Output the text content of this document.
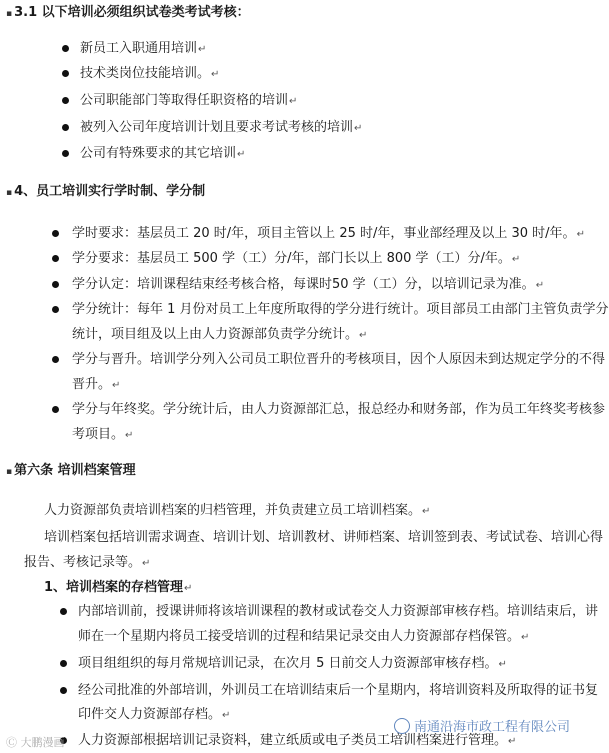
▪ 3.1 以下培训必须组织试卷类考试考核：
新员工入职通用培训↵
技术类岗位技能培训。↵
公司职能部门等取得任职资格的培训↵
被列入公司年度培训计划且要求考试考核的培训↵
公司有特殊要求的其它培训↵
▪ 4、员工培训实行学时制、学分制
学时要求：基层员工 20 时/年，项目主管以上 25 时/年，事业部经理及以上 30 时/年。↵
学分要求：基层员工 500 学（工）分/年，部门长以上 800 学（工）分/年。↵
学分认定：培训课程结束经考核合格，每课时50 学（工）分，以培训记录为准。↵
学分统计：每年 1 月份对员工上年度所取得的学分进行统计。项目部员工由部门主管负责学分
统计，项目组及以上由人力资源部负责学分统计。↵
学分与晋升。培训学分列入公司员工职位晋升的考核项目，因个人原因未到达规定学分的不得
晋升。↵
学分与年终奖。学分统计后，由人力资源部汇总，报总经办和财务部，作为员工年终奖考核参
考项目。↵
▪ 第六条 培训档案管理
人力资源部负责培训档案的归档管理，并负责建立员工培训档案。↵
培训档案包括培训需求调查、培训计划、培训教材、讲师档案、培训签到表、考试试卷、培训心得
报告、考核记录等。↵
1、培训档案的存档管理↵
内部培训前，授课讲师将该培训课程的教材或试卷交人力资源部审核存档。培训结束后，讲
师在一个星期内将员工接受培训的过程和结果记录交由人力资源部存档保管。↵
项目组组织的每月常规培训记录，在次月 5 日前交人力资源部审核存档。↵
经公司批准的外部培训，外训员工在培训结束后一个星期内，将培训资料及所取得的证书复
印件交人力资源部存档。↵
人力资源部根据培训记录资料，建立纸质或电子类员工培训档案进行管理。↵
南通沿海市政工程有限公司
Ⓒ 大鹏漫画
